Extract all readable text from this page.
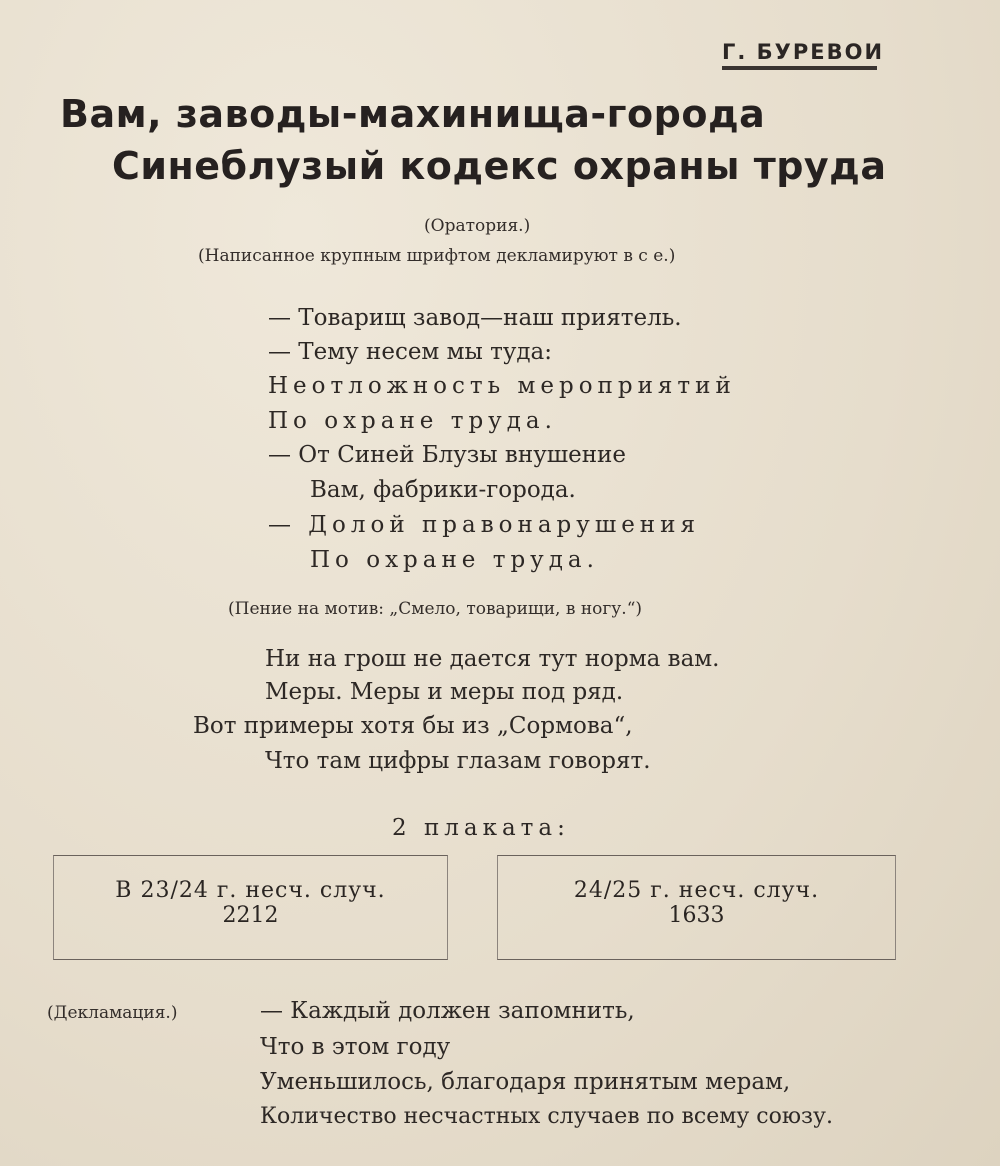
Г. БУРЕВОИ
Вам, заводы-махинища-города
Синеблузый кодекс охраны труда
(Оратория.)
(Написанное крупным шрифтом декламируют в с е.)
— Товарищ завод—наш приятель.
— Тему несем мы туда:
Неотложность мероприятий
По охране труда.
— От Синей Блузы внушение
Вам, фабрики-города.
— Долой правонарушения
По охране труда.
(Пение на мотив: „Смело, товарищи, в ногу.“)
Ни на грош не дается тут норма вам.
Меры. Меры и меры под ряд.
Вот примеры хотя бы из „Сормова“,
Что там цифры глазам говорят.
2 плаката:
В 23/24 г. несч. случ.
2212
24/25 г. несч. случ.
1633
(Декламация.)	— Каждый должен запомнить,
Что в этом году
Уменьшилось, благодаря принятым мерам,
Количество несчастных случаев по всему союзу.
